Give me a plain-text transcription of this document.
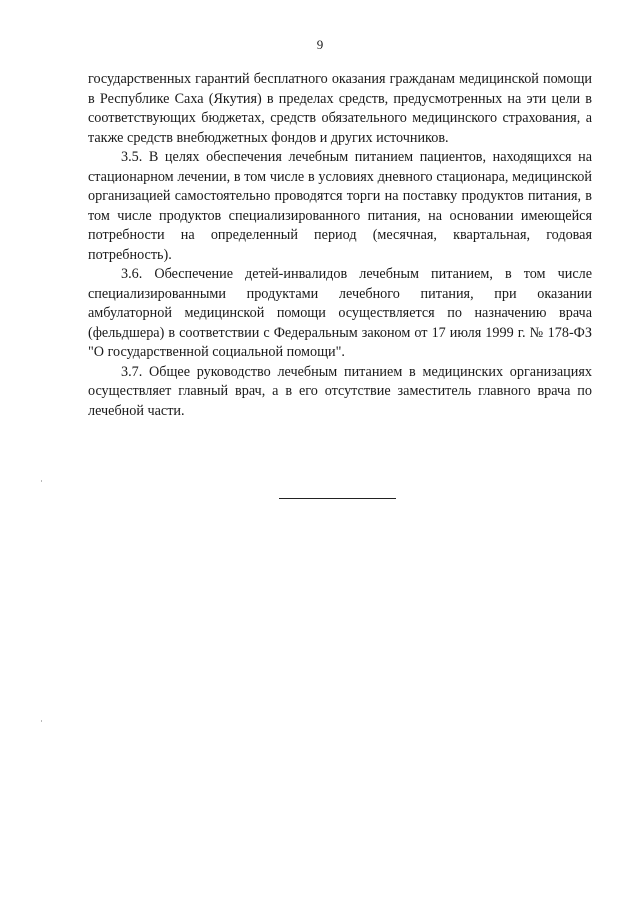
9

государственных гарантий бесплатного оказания гражданам медицинской помощи в Республике Саха (Якутия) в пределах средств, предусмотренных на эти цели в соответствующих бюджетах, средств обязательного медицинского страхования, а также средств внебюджетных фондов и других источников.

3.5. В целях обеспечения лечебным питанием пациентов, находящихся на стационарном лечении, в том числе в условиях дневного стационара, медицинской организацией самостоятельно проводятся торги на поставку продуктов питания, в том числе продуктов специализированного питания, на основании имеющейся потребности на определенный период (месячная, квартальная, годовая потребность).

3.6. Обеспечение детей-инвалидов лечебным питанием, в том числе специализированными продуктами лечебного питания, при оказании амбулаторной медицинской помощи осуществляется по назначению врача (фельдшера) в соответствии с Федеральным законом от 17 июля 1999 г. № 178-ФЗ "О государственной социальной помощи".

3.7. Общее руководство лечебным питанием в медицинских организациях осуществляет главный врач, а в его отсутствие заместитель главного врача по лечебной части.
